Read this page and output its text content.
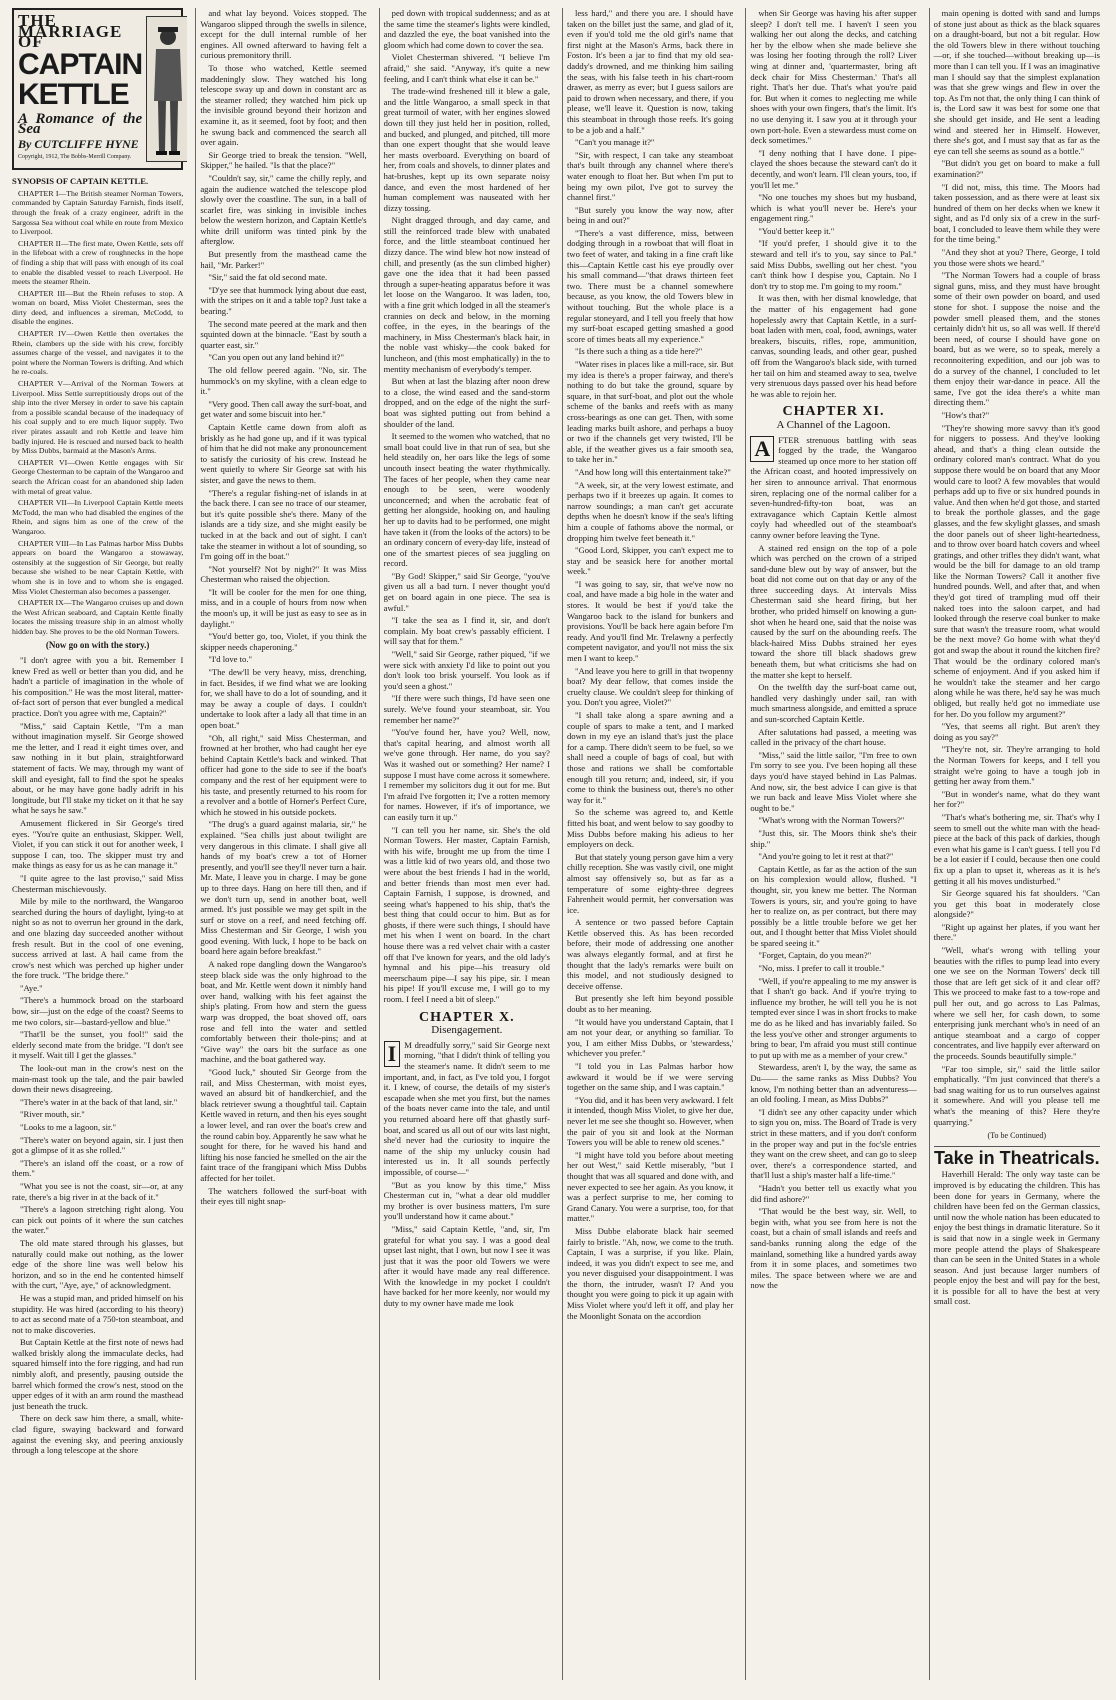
THE MARRIAGE OF
CAPTAIN KETTLE
A Romance of the Sea
By CUTCLIFFE HYNE
Copyright, 1912, The Bobbs-Merrill Company.
SYNOPSIS OF CAPTAIN KETTLE.

CHAPTER I—The British steamer Norman Towers, commanded by Captain Saturday Farnish, finds itself, through the freak of a crazy engineer, adrift in the Sargossa Sea without coal while en route from Mexico to Liverpool.

CHAPTER II—The first mate, Owen Kettle, sets off in the lifeboat with a crew of roughnecks in the hope of finding a ship that will pass with enough of its coal to enable the disabled vessel to reach Liverpool. He meets the steamer Rhein.

CHAPTER III—But the Rhein refuses to stop. A woman on board, Miss Violet Chesterman, sees the dirty deed, and influences a sireman, McCodd, to disable the engines.

CHAPTER IV—Owen Kettle then overtakes the Rhein, clambers up the side with his crew, forcibly assumes charge of the vessel, and navigates it to the point where the Norman Towers is drifting. And which he re-coals.

CHAPTER V—Arrival of the Norman Towers at Liverpool. Miss Settle surreptitiously drops out of the ship into the river Mersey in order to save his captain from a possible scandal because of the inadequacy of his coal supply and to ere much liquor supply. Two river pirates assault and rob Kettle and leave him badly injured. He is rescued and nursed back to health by Miss Dubbs, barmaid at the Mason's Arms.

CHAPTER VI—Owen Kettle engages with Sir George Chesterman to be captain of the Wangaroo and search the African coast for an abandoned ship laden with metal of great value.

CHAPTER VII—In Liverpool Captain Kettle meets McTodd, the man who had disabled the engines of the Rhein, and signs him as one of the crew of the Wangaroo.

CHAPTER VIII—In Las Palmas harbor Miss Dubbs appears on board the Wangaroo a stowaway, ostensibly at the suggestion of Sir George, but really because she wished to be near Captain Kettle, with whom she is in love and to whom she is engaged. Miss Violet Chesterman also becomes a passenger.

CHAPTER IX—The Wangaroo cruises up and down the West African seaboard, and Captain Kettle finally locates the missing treasure ship in an almost wholly hidden bay. She proves to be the old Norman Towers.

(Now go on with the story.)

"I don't agree with you a bit. Remember I knew Fred as well or better than you did, and he hadn't a particle of imagination in the whole of his composition." He was the most literal, matter-of-fact sort of person that ever bungled a medical practice. Don't you agree with me, Captain?"

"Miss," said Captain Kettle, "I'm a man without imagination myself. Sir George showed me the letter, and I read it eight times over, and saw nothing in it but plain, straightforward statement of facts. We may, through my want of skill and eyesight, fall to find the spot he speaks about, or he may have gone badly adrift in his longitude, but I'll stake my ticket on it that he say what he says he saw."

Amusement flickered in Sir George's tired eyes. "You're quite an enthusiast, Skipper. Well, Violet, if you can stick it out for another week, I suppose I can, too. The skipper must try and make things as easy for us as he can manage it."

"I quite agree to the last proviso," said Miss Chesterman mischievously.

Mile by mile to the northward, the Wangaroo searched during the hours of daylight, lying-to at night so as not to overrun her ground in the dark, and one blazing day succeeded another without fresh result. But in the cool of one evening, success arrived at last. A hail came from the crow's nest which was perched up higher under the fore truck. "The bridge there."

"Aye."

"There's a hummock broad on the starboard bow, sir—just on the edge of the coast? Seems to me two colors, sir—bastard-yellow and blue."

"That'll be the sunset, you fool!" said the elderly second mate from the bridge. "I don't see it myself. Wait till I get the glasses."

The look-out man in the crow's nest on the main-mast took up the tale, and the pair bawled down their news disagreeing.

"There's water in at the back of that land, sir."

"River mouth, sir."

"Looks to me a lagoon, sir."

"There's water on beyond again, sir. I just then got a glimpse of it as she rolled."

"There's an island off the coast, or a row of them."

"What you see is not the coast, sir—or, at any rate, there's a big river in at the back of it."

"There's a lagoon stretching right along. You can pick out points of it where the sun catches the water."

The old mate stared through his glasses, but naturally could make out nothing, as the lower edge of the shore line was well below his horizon, and so in the end he contented himself with the curt, "Aye, aye," of acknowledgment.

He was a stupid man, and prided himself on his stupidity. He was hired (according to his theory) to act as second mate of a 750-ton steamboat, and not to make discoveries.

But Captain Kettle at the first note of news had walked briskly along the immaculate decks, had squared himself into the fore rigging, and had run nimbly aloft, and presently, pausing outside the barrel which formed the crow's nest, stood on the upper edges of it with an arm round the masthead just beneath the truck.

There on deck saw him there, a small, white-clad figure, swaying backward and forward against the evening sky, and peering anxiously through a long telescope at the shore

and what lay beyond. Voices stopped. The Wangaroo slipped through the swells in silence, except for the dull internal rumble of her engines. All owned afterward to having felt a curious premonitory thrill.

To those who watched, Kettle seemed maddeningly slow. They watched his long telescope sway up and down in constant arc as the steamer rolled; they watched him pick up the invisible ground beyond their horizon and examine it, as it seemed, foot by foot; and then he swung back and commenced the search all over again.

Sir George tried to break the tension. "Well, Skipper," he hailed. "Is that the place?"

"Couldn't say, sir," came the chilly reply, and again the audience watched the telescope plod slowly over the coastline. The sun, in a ball of scarlet fire, was sinking in invisible inches below the western horizon, and Captain Kettle's white drill uniform was tinted pink by the afterglow.

But presently from the masthead came the hail, "Mr. Parker!"

"Sir," said the fat old second mate.

"D'ye see that hummock lying about due east, with the stripes on it and a table top? Just take a bearing."

The second mate peered at the mark and then squinted down at the binnacle. "East by south a quarter east, sir."

"Can you open out any land behind it?"

The old fellow peered again. "No, sir. The hummock's on my skyline, with a clean edge to it."

"Very good. Then call away the surf-boat, and get water and some biscuit into her."

Captain Kettle came down from aloft as briskly as he had gone up, and if it was typical of him that he did not make any pronouncement to satisfy the curiosity of his crew. Instead he went quietly to where Sir George sat with his sister, and gave the news to them.

"There's a regular fishing-net of islands in at the back there. I can see no trace of our steamer, but it's quite possible she's there. Many of the islands are a tidy size, and she might easily be tucked in at the back and out of sight. I can't take the steamer in without a lot of sounding, so I'm going off in the boat."

"Not yourself? Not by night?" It was Miss Chesterman who raised the objection.

"It will be cooler for the men for one thing, miss, and in a couple of hours from now when the moon's up, it will be just as easy to see as in daylight."

"You'd better go, too, Violet, if you think the skipper needs chaperoning."

"I'd love to."

"The dew'll be very heavy, miss, drenching, in fact. Besides, if we find what we are looking for, we shall have to do a lot of sounding, and it may be away a couple of days. I couldn't undertake to look after a lady all that time in an open boat."

"Oh, all right," said Miss Chesterman, and frowned at her brother, who had caught her eye behind Captain Kettle's back and winked. That officer had gone to the side to see if the boat's company and the rest of her equipment were to his taste, and presently returned to his room for a revolver and a bottle of Horner's Perfect Cure, which he stowed in his outside pockets.

"The drug's a guard against malaria, sir," he explained. "Sea chills just about twilight are very dangerous in this climate. I shall give all hands of my boat's crew a tot of Horner presently, and you'll see they'll never turn a hair. Mr. Mate, I leave you in charge. I may be gone up to three days. Hang on here till then, and if we don't turn up, send in another boat, well armed. It's just possible we may get spilt in the surf or stove on a reef, and need fetching off. Miss Chesterman and Sir George, I wish you good evening. With luck, I hope to be back on board here again before breakfast."

A naked rope dangling down the Wangaroo's steep black side was the only highroad to the boat, and Mr. Kettle went down it nimbly hand over hand, walking with his feet against the ship's plating. From how and stern the guess warp was dropped, the boat shoved off, oars rose and fell into the water and settled comfortably between their thole-pins; and at "Give way" the oars bit the surface as one machine, and the boat gathered way.

"Good luck," shouted Sir George from the rail, and Miss Chesterman, with moist eyes, waved an absurd bit of handkerchief, and the black retriever swung a thoughtful tail. Captain Kettle waved in return, and then his eyes sought a lower level, and ran over the boat's crew and the round cabin boy. Apparently he saw what he sought for there, for he waved his hand and lifting his nose fancied he smelled on the air the faint trace of the frangipani which Miss Dubbs affected for her toilet.

The watchers followed the surf-boat with their eyes till night snap-

ped down with tropical suddenness; and as at the same time the steamer's lights were kindled, and dazzled the eye, the boat vanished into the gloom which had come down to cover the sea.

Violet Chesterman shivered. "I believe I'm afraid," she said. "Anyway, it's quite a new feeling, and I can't think what else it can be."

The trade-wind freshened till it blew a gale, and the little Wangaroo, a small speck in that great turmoil of water, with her engines slowed down till they just held her in position, rolled, and bucked, and plunged, and pitched, till more than one expert thought that she would leave her masts overboard. Everything on board of her, from coals and shovels, to dinner plates and hat-brushes, kept up its own separate noisy dance, and even the most hardened of her human complement was nauseated with her dizzy tossing.

Night dragged through, and day came, and still the reinforced trade blew with unabated force, and the little steamboat continued her dizzy dance. The wind blew hot now instead of chill, and presently (as the sun climbed higher) gave one the idea that it had been passed through a super-heating apparatus before it was let loose on the Wangaroo. It was laden, too, with a fine grit which lodged in all the steamer's crannies on deck and below, in the morning coffee, in the eyes, in the bearings of the machinery, in Miss Chesterman's black hair, in the noble vast whisky—the cook baked for luncheon, and (this most emphatically) in the to mentity mechanism of everybody's temper.

But when at last the blazing after noon drew to a close, the wind eased and the sand-storm dropped, and on the edge of the night the surf-boat was sighted putting out from behind a shoulder of the land.

It seemed to the women who watched, that no small boat could live in that run of sea, but she held steadily on, her oars like the legs of some uncouth insect beating the water rhythmically. The faces of her people, when they came near enough to be seen, were woodenly unconcerned; and when the acrobatic feat of getting her alongside, hooking on, and hauling her up to davits had to be performed, one might have taken it (from the looks of the actors) to be an ordinary concern of every-day life, instead of one of the smartest pieces of sea juggling on record.

"By God! Skipper," said Sir George, "you've given us all a bad turn. I never thought you'd get on board again in one piece. The sea is awful."

"I take the sea as I find it, sir, and don't complain. My boat crew's passably efficient. I will say that for them."

"Well," said Sir George, rather piqued, "if we were sick with anxiety I'd like to point out you don't look too brisk yourself. You look as if you'd seen a ghost."

"If there were such things, I'd have seen one surely. We've found your steamboat, sir. You remember her name?"

"You've found her, have you? Well, now, that's capital hearing, and almost worth all we've gone through. Her name, do you say? Was it washed out or something? Her name? I suppose I must have come across it somewhere. I remember my solicitors dug it out for me. But I'm afraid I've forgotten it; I've a rotten memory for names. However, if it's of importance, we can easily turn it up."

"I can tell you her name, sir. She's the old Norman Towers. Her master, Captain Farnish, with his wife, brought me up from the time I was a little kid of two years old, and those two were about the best friends I had in the world, and better friends than most men ever had. Captain Farnish, I suppose, is drowned, and seeing what's happened to his ship, that's the best thing that could occur to him. But as for ghosts, if there were such things, I should have met his when I went on board. In the chart house there was a red velvet chair with a caster off that I've known for years, and the old lady's hymnal and his pipe—his treasury old meerschaum pipe—I say his pipe, sir. I mean his pipe! If you'll excuse me, I will go to my room. I feel I need a bit of sleep."

CHAPTER X.
Disengagement.
I M dreadfully sorry," said Sir George next morning, "that I didn't think of telling you the steamer's name. It didn't seem to me important, and, in fact, as I've told you, I forgot it. I knew, of course, the details of my sister's escapade when she met you first, but the names of the boats never came into the tale, and until you returned aboard here off that ghastly surf-boat, and scared us all out of our wits last night, she'd never had the curiosity to inquire the name of the ship my unlucky cousin had interested us in. It all sounds perfectly impossible, of course—"

"But as you know by this time," Miss Chesterman cut in, "what a dear old muddler my brother is over business matters, I'm sure you'll understand how it came about."

"Miss," said Captain Kettle, "and, sir, I'm grateful for what you say. I was a good deal upset last night, that I own, but now I see it was just that it was the poor old Towers we were after it would have made any real difference. With the knowledge in my pocket I couldn't have backed for her more keenly, nor would my duty to my owner have made me look

less hard," and there you are. I should have taken on the billet just the same, and glad of it, even if you'd told me the old girl's name that first night at the Mason's Arms, back there in Foston. It's been a jar to find that my old sea-daddy's drowned, and me thinking him sailing the seas, with his false teeth in his chart-room drawer, as merry as ever; but I guess sailors are paid to drown when necessary, and there, if you please, we'll leave it. Question is now, taking this steamboat in through those reefs. It's going to be a job and a half."

"Can't you manage it?"

"Sir, with respect, I can take any steamboat that's built through any channel where there's water enough to float her. But when I'm put to being my own pilot, I've got to survey the channel first."

"But surely you know the way now, after being in and out?"

"There's a vast difference, miss, between dodging through in a rowboat that will float in two feet of water, and taking in a fine craft like this—Captain Kettle cast his eye proudly over his small command—"that draws thirteen feet two. There must be a channel somewhere because, as you know, the old Towers blew in without touching. But the whole place is a regular stoneyard, and I tell you freely that how my surf-boat escaped getting smashed a good score of times beats all my experience."

"Is there such a thing as a tide here?"

"Water rises in places like a mill-race, sir. But my idea is there's a proper fairway, and there's nothing to do but take the ground, square by square, in that surf-boat, and plot out the whole scheme of the banks and reefs with as many cross-bearings as one can get. Then, with some leading marks built ashore, and perhaps a buoy or two if the channels get very twisted, I'll be able, if the weather gives us a fair smooth sea, to take her in."

"And how long will this entertainment take?"

"A week, sir, at the very lowest estimate, and perhaps two if it breezes up again. It comes to narrow soundings; a man can't get accurate depths when he doesn't know if the sea's lifting him a couple of fathoms above the normal, or dropping him twelve feet beneath it."

"Good Lord, Skipper, you can't expect me to stay and be seasick here for another mortal week."

"I was going to say, sir, that we've now no coal, and have made a big hole in the water and stores. It would be best if you'd take the Wangaroo back to the island for bunkers and provisions. You'll be back here again before I'm ready. And you'll find Mr. Trelawny a perfectly competent navigator, and you'll not miss the six men I want to keep."

"And leave you here to grill in that twopenny boat? My dear fellow, that comes inside the cruelty clause. We couldn't sleep for thinking of you. Don't you agree, Violet?"

"I shall take along a spare awning and a couple of spars to make a tent, and I marked down in my eye an island that's just the place for a camp. There didn't seem to be fuel, so we shall need a couple of bags of coal, but with those and rations we shall be comfortable enough till you return; and, indeed, sir, if you come to think the business out, there's no other way for it."

So the scheme was agreed to, and Kettle fitted his boat, and went below to say goodby to Miss Dubbs before making his adieus to her employers on deck.

But that stately young person gave him a very chilly reception. She was vastly civil, one might almost say offensively so, but as far as a temperature of some eighty-three degrees Fahrenheit would permit, her conversation was ice.

A sentence or two passed before Captain Kettle observed this. As has been recorded before, their mode of addressing one another was always elegantly formal, and at first he thought that the lady's remarks were built on this model, and not studiously designed to deceive offense.

But presently she left him beyond possible doubt as to her meaning.

"It would have you understand Captain, that I am not your dear, or anything so familiar. To you, I am either Miss Dubbs, or 'stewardess,' whichever you prefer."

"I told you in Las Palmas harbor how awkward it would be if we were serving together on the same ship, and I was captain."

"You did, and it has been very awkward. I felt it intended, though Miss Violet, to give her due, never let me see she thought so. However, when the pair of you sit and look at the Norman Towers you will be able to renew old scenes."

"I might have told you before about meeting her out West," said Kettle miserably, "but I thought that was all squared and done with, and never expected to see her again. As you know, it was a perfect surprise to me, her coming to Grand Canary. You were a surprise, too, for that matter."

Miss Dubbe elaborate black hair seemed fairly to bristle. "Ah, now, we come to the truth. Captain, I was a surprise, if you like. Plain, indeed, it was you didn't expect to see me, and you never disguised your disappointment. I was the thorn, the intruder, wasn't I? And you thought you were going to pick it up again with Miss Violet where you'd left it off, and play her the Moonlight Sonata on the accordion

when Sir George was having his after supper sleep? I don't tell me. I haven't I seen you walking her out along the decks, and catching her by the elbow when she made believe she was losing her footing through the roll? Liver wing at dinner and, 'quartermaster, bring aft deck chair for Miss Chesterman.' That's all right. That's her due. That's what you're paid for. But when it comes to neglecting me while shoes with your own fingers, that's the limit. It's no use denying it. I saw you at it through your own port-hole. Even a stewardess must come on deck sometimes."

"I deny nothing that I have done. I pipe-clayed the shoes because the steward can't do it decently, and won't learn. I'll clean yours, too, if you'll let me."

"No one touches my shoes but my husband, which is what you'll never be. Here's your engagement ring."

"You'd better keep it."

"If you'd prefer, I should give it to the steward and tell it's to you, say since to Pal." said Miss Dubbs, swelling out her chest. "you can't think how I despise you, Captain. No I don't try to stop me. I'm going to my room."

It was then, with her dismal knowledge, that the matter of his engagement had gone hopelessly awry that Captain Kettle, in a surf-boat laden with men, coal, food, awnings, water breakers, biscuits, rifles, rope, ammunition, canvas, sounding leads, and other gear, pushed off from the Wangaroo's black side, with turned her tail on him and steamed away to sea, twelve very strenuous days passed over his head before he was able to rejoin her.

CHAPTER XI.
A Channel of the Lagoon.
A FTER strenuous battling with seas fogged by the trade, the Wangaroo steamed up once more to her station off the African coast, and hooted impressively on her siren to announce arrival. That enormous siren, replacing one of the normal caliber for a seven-hundred-fifty-ton boat, was an extravagance which Captain Kettle almost coyly had wheedled out of the steamboat's canny owner before leaving the Tyne.

A stained red ensign on the top of a pole which was perched on the crown of a striped sand-dune blew out by way of answer, but the boat did not come out on that day or any of the three succeeding days. At intervals Miss Chesterman said she heard firing, but her brother, who prided himself on knowing a gun-shot when he heard one, said that the noise was caused by the surf on the abounding reefs. The black-haired Miss Dubbs strained her eyes toward the shore till black shadows grew beneath them, but what criticisms she had on the matter she kept to herself.

On the twelfth day the surf-boat came out, handled very dashingly under sail, ran with much smartness alongside, and emitted a spruce and sun-scorched Captain Kettle.

After salutations had passed, a meeting was called in the privacy of the chart house.

"Miss," said the little sailor, "I'm free to own I'm sorry to see you. I've been hoping all these days you'd have stayed behind in Las Palmas. And now, sir, the best advice I can give is that we run back and leave Miss Violet where she ought to be."

"What's wrong with the Norman Towers?"

"Just this, sir. The Moors think she's their ship."

"And you're going to let it rest at that?"

Captain Kettle, as far as the action of the sun on his complexion would allow, flushed. "I thought, sir, you knew me better. The Norman Towers is yours, sir, and you're going to have her to realize on, as per contract, but there may possibly be a little trouble before we get her out, and I thought better that Miss Violet should be spared seeing it."

"Forget, Captain, do you mean?"

"No, miss. I prefer to call it trouble."

"Well, if you're appealing to me my answer is that I shan't go back. And if you're trying to influence my brother, he will tell you he is not tempted ever since I was in short frocks to make me do as he liked and has invariably failed. So the less you've other and stronger arguments to bring to bear, I'm afraid you must still continue to put up with me as a member of your crew."

Stewardess, aren't I, by the way, the same as Du—— the same ranks as Miss Dubbs? You know, I'm nothing better than an adventuress—an old fooling. I mean, as Miss Dubbs?"

"I didn't see any other capacity under which to sign you on, miss. The Board of Trade is very strict in these matters, and if you don't conform in the proper way and put in the foc'sle entries they want on the crew sheet, and can go to sleep over, there's a correspondence started, and that'll lust a ship's master half a life-time."

"Hadn't you better tell us exactly what you did find ashore?"

"That would be the best way, sir. Well, to begin with, what you see from here is not the coast, but a chain of small islands and reefs and sand-banks running along the edge of the mainland, something like a hundred yards away from it in some places, and sometimes two miles. The space between where we are and now the

main opening is dotted with sand and lumps of stone just about as thick as the black squares on a draught-board, but not a bit regular. How the old Towers blew in there without touching—or, if she touched—without breaking up—is more than I can tell you. If I was an imaginative man I should say that the simplest explanation was that she grew wings and flew in over the top. As I'm not that, the only thing I can think of is, the Lord saw it was best for some one that she should get inside, and He sent a leading wind and steered her in Himself. However, there she's got, and I must say that as far as the eye can tell she seems as sound as a bottle."

"But didn't you get on board to make a full examination?"

"I did not, miss, this time. The Moors had taken possession, and as there were at least six hundred of them on her decks when we knew it sight, and as I'd only six of a crew in the surf-boat, I concluded to leave them while they were for the time being."

"And they shot at you? There, George, I told you those were shots we heard."

"The Norman Towers had a couple of brass signal guns, miss, and they must have brought some of their own powder on board, and used stone for shot. I suppose the noise and the powder smell pleased them, and the stones certainly didn't hit us, so all was well. If there'd been need, of course I should have gone on board, but as we were, so to speak, merely a reconnoitering expedition, and our job was to do a survey of the channel, I concluded to let them enjoy their war-dance in peace. All the same, I've got the idea there's a white man directing them."

"How's that?"

"They're showing more savvy than it's good for niggers to possess. And they've looking ahead, and that's a thing clean outside the ordinary colored man's contract. What do you suppose there would be on board that any Moor would care to loot? A few movables that would perhaps add up to five or six hundred pounds in value. And then when he'd got those, and started to break the porthole glasses, and the gage glasses, and the few skylight glasses, and smash the door panels out of sheer light-heartedness, and to throw over board hatch covers and wheel gratings, and other trifles they didn't want, what would be the bill for damage to an old tramp like the Norman Towers? Call it another five hundred pounds. Well, and after that, and when they'd got tired of trampling mud off their naked toes into the saloon carpet, and had looked through the reserve coal bunker to make sure that wasn't the treasure room, what would be the next move? Go home with what they'd got and swap the about it round the kitchen fire? That would be the ordinary colored man's scheme of enjoyment. And if you asked him if he wouldn't take the steamer and her cargo along while he was there, he'd say he was much obliged, but really he'd got no immediate use for her. Do you follow my argument?"

"Yes, that seems all right. But aren't they doing as you say?"

"They're not, sir. They're arranging to hold the Norman Towers for keeps, and I tell you straight we're going to have a tough job in getting her away from them."

"But in wonder's name, what do they want her for?"

"That's what's bothering me, sir. That's why I seem to smell out the white man with the head-piece at the back of this pack of darkies, though even what his game is I can't guess. I tell you I'd be a lot easier if I could, because then one could fix up a plan to upset it, whereas as it is he's getting it all his moves undisturbed."

Sir George squared his fat shoulders. "Can you get this boat in moderately close alongside?"

"Right up against her plates, if you want her there."

"Well, what's wrong with telling your beauties with the rifles to pump lead into every one we see on the Norman Towers' deck till those that are left get sick of it and clear off? This we proceed to make fast to a tow-rope and pull her out, and go across to Las Palmas, where we sell her, for cash down, to some enterprising junk merchant who's in need of an antique steamboat and a cargo of copper concentrates, and live happily ever afterward on the proceeds. Sounds beautifully simple."

"Far too simple, sir," said the little sailor emphatically. "I'm just convinced that there's a bad snag waiting for us to run ourselves against it somewhere. And will you please tell me what's the meaning of this? Here they're quarrying."

(To be Continued)
Take in Theatricals.

Haverhill Herald: The only way taste can be improved is by educating the children. This has been done for years in Germany, where the children have been fed on the German classics, until now the whole nation has been educated to enjoy the best things in dramatic literature. So it is said that now in a single week in Germany more people attend the plays of Shakespeare than can be seen in the United States in a whole season. And just because larger numbers of people enjoy the best and will pay for the best, it is possible for all to have the best at very small cost.
